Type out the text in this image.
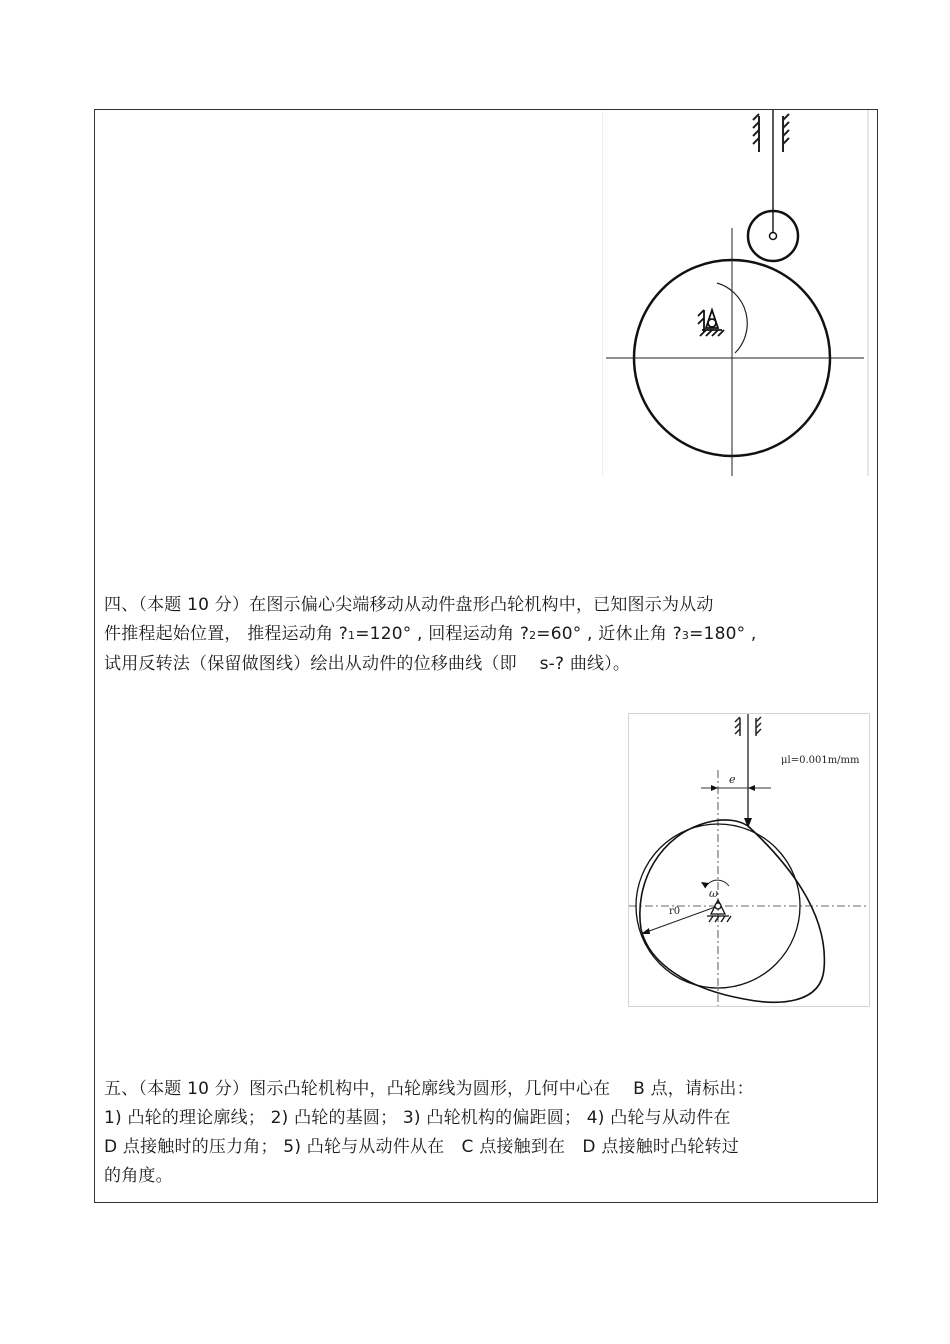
四、（本题 10 分）在图示偏心尖端移动从动件盘形凸轮机构中，已知图示为从动

件推程起始位置， 推程运动角 ?1=120° , 回程运动角 ?2=60° , 近休止角 ?3=180° ,

试用反转法（保留做图线）绘出从动件的位移曲线（即　 s-? 曲线）。

μl=0.001m/mm
e
r0
ω

五、（本题 10 分）图示凸轮机构中，凸轮廓线为圆形，几何中心在　 B 点，请标出：

1) 凸轮的理论廓线； 2) 凸轮的基圆； 3) 凸轮机构的偏距圆； 4) 凸轮与从动件在

D 点接触时的压力角； 5) 凸轮与从动件从在　C 点接触到在　D 点接触时凸轮转过

的角度。
